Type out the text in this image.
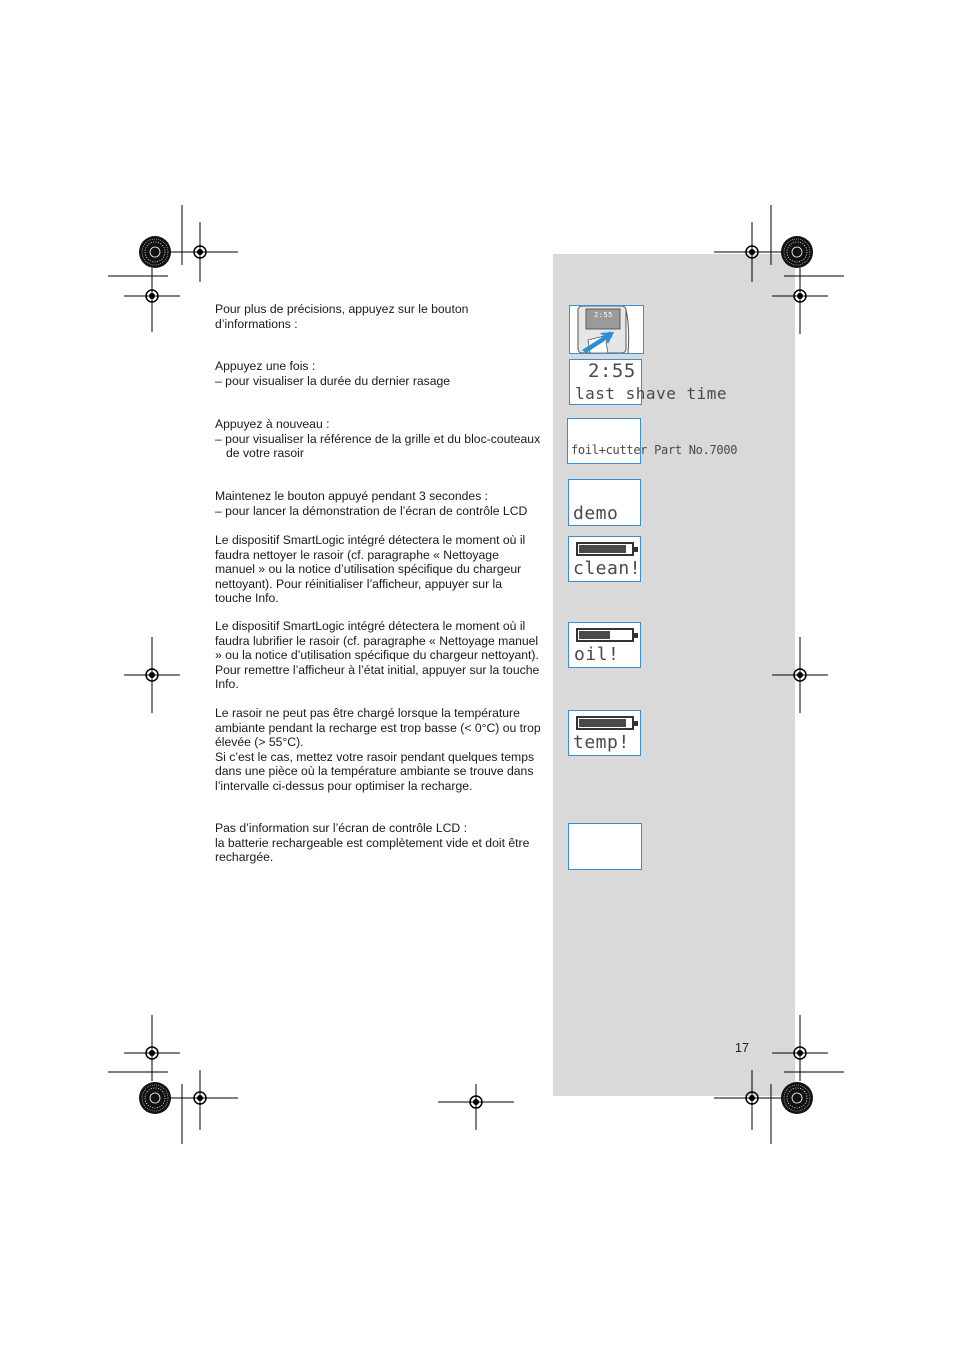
Pour plus de précisions, appuyez sur le bouton

d’informations :

Appuyez une fois :

– pour visualiser la durée du dernier rasage

Appuyez à nouveau :

– pour visualiser la référence de la grille et du bloc-couteaux de votre rasoir

Maintenez le bouton appuyé pendant 3 secondes :

– pour lancer la démonstration de l’écran de contrôle LCD

Le dispositif SmartLogic intégré détectera le moment où il faudra nettoyer le rasoir (cf. paragraphe « Nettoyage manuel » ou la notice d’utilisation spécifique du chargeur nettoyant). Pour réinitialiser l’afficheur, appuyer sur la touche Info.

Le dispositif SmartLogic intégré détectera le moment où il faudra lubrifier le rasoir (cf. paragraphe « Nettoyage manuel » ou la notice d’utilisation spécifique du chargeur nettoyant). Pour remettre l’afficheur à l’état initial, appuyer sur la touche Info.

Le rasoir ne peut pas être chargé lorsque la température ambiante pendant la recharge est trop basse (< 0°C) ou trop élevée (> 55°C).

Si c’est le cas, mettez votre rasoir pendant quelques temps dans une pièce où la température ambiante se trouve dans l’intervalle ci-dessus pour optimiser la recharge.

Pas d’information sur l’écran de contrôle LCD :

la batterie rechargeable est complètement vide et doit être rechargée.

2:55
2:55
last shave time
foil+cutter Part No.7000
demo
clean!
oil!
temp!
17
